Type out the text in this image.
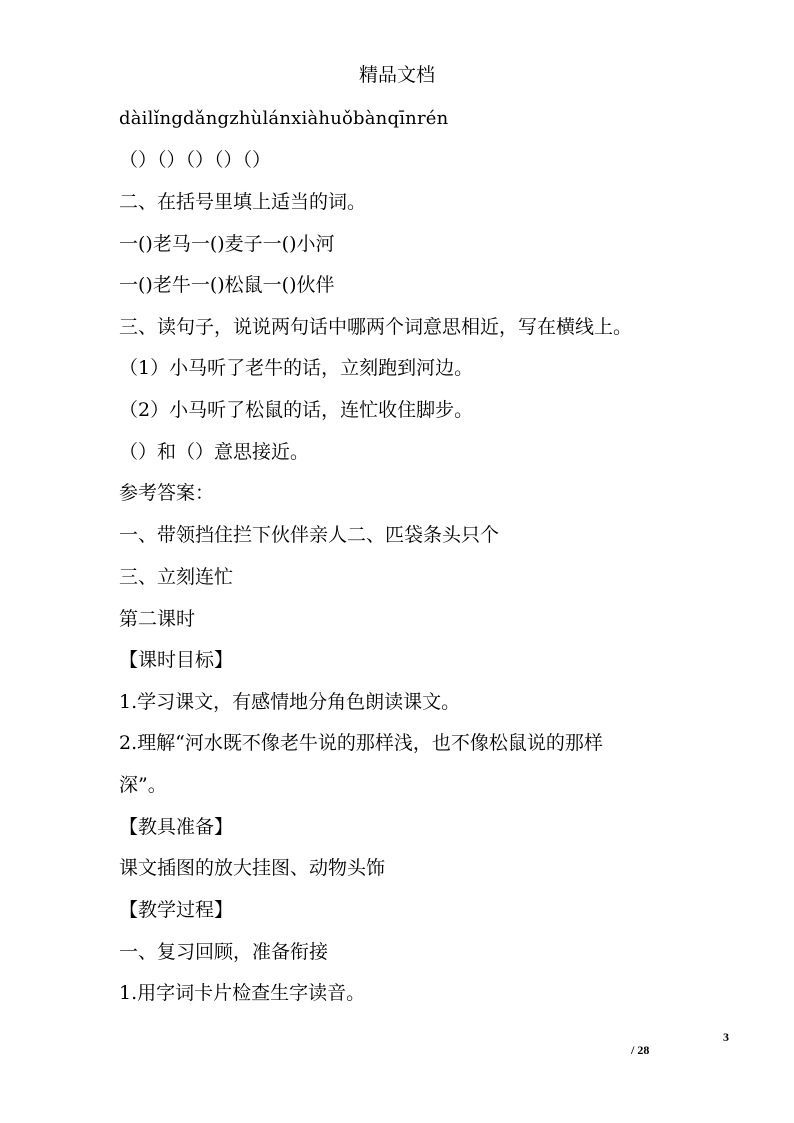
精品文档
dàilǐngdǎngzhùlánxiàhuǒbànqīnrén
（）（）（）（）（）
二、在括号里填上适当的词。
一()老马一()麦子一()小河
一()老牛一()松鼠一()伙伴
三、读句子，说说两句话中哪两个词意思相近，写在横线上。
（1）小马听了老牛的话，立刻跑到河边。
（2）小马听了松鼠的话，连忙收住脚步。
（）和（）意思接近。
参考答案：
一、带领挡住拦下伙伴亲人二、匹袋条头只个
三、立刻连忙
第二课时
【课时目标】
1.学习课文，有感情地分角色朗读课文。
2.理解“河水既不像老牛说的那样浅，也不像松鼠说的那样
深”。
【教具准备】
课文插图的放大挂图、动物头饰
【教学过程】
一、复习回顾，准备衔接
1.用字词卡片检查生字读音。
3
/ 28
